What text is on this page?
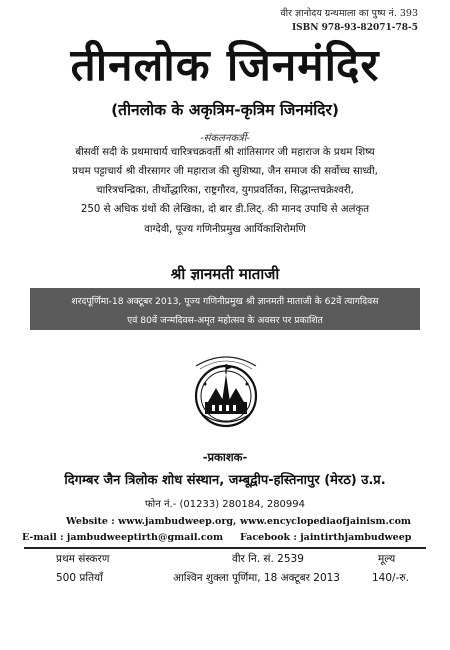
वीर ज्ञानोदय ग्रन्थमाला का पुष्प नं. 393
ISBN 978-93-82071-78-5
तीनलोक जिनमंदिर
(तीनलोक के अकृत्रिम-कृत्रिम जिनमंदिर)
-संकलनकर्त्री-
बीसवीं सदी के प्रथमाचार्य चारित्रचक्रवर्ती श्री शांतिसागर जी महाराज के प्रथम शिष्य
प्रथम पट्टाचार्य श्री वीरसागर जी महाराज की सुशिष्या, जैन समाज की सर्वोच्च साध्वी,
चारित्रचन्द्रिका, तीर्थोद्धारिका, राष्ट्रगौरव, युगप्रवर्तिका, सिद्धान्तचक्रेश्वरी,
250 से अधिक ग्रंथों की लेखिका, दो बार डी.लिट्. की मानद उपाधि से अलंकृत
वाग्देवी, पूज्य गणिनीप्रमुख आर्यिकाशिरोमणि
श्री ज्ञानमती माताजी
शरदपूर्णिमा-18 अक्टूबर 2013, पूज्य गणिनीप्रमुख श्री ज्ञानमती माताजी के 62वें त्यागदिवस
एवं 80वें जन्मदिवस-अमृत महोत्सव के अवसर पर प्रकाशित
-प्रकाशक-
दिगम्बर जैन त्रिलोक शोध संस्थान, जम्बूद्वीप-हस्तिनापुर (मेरठ) उ.प्र.
फोन नं.- (01233) 280184, 280994
Website : www.jambudweep.org, www.encyclopediaofjainism.com
E-mail : jambudweeptirth@gmail.com Facebook : jaintirthjambudweep
प्रथम संस्करण
500 प्रतियाँ
वीर नि. सं. 2539
आश्विन शुक्ला पूर्णिमा, 18 अक्टूबर 2013
मूल्य
140/-रु.
